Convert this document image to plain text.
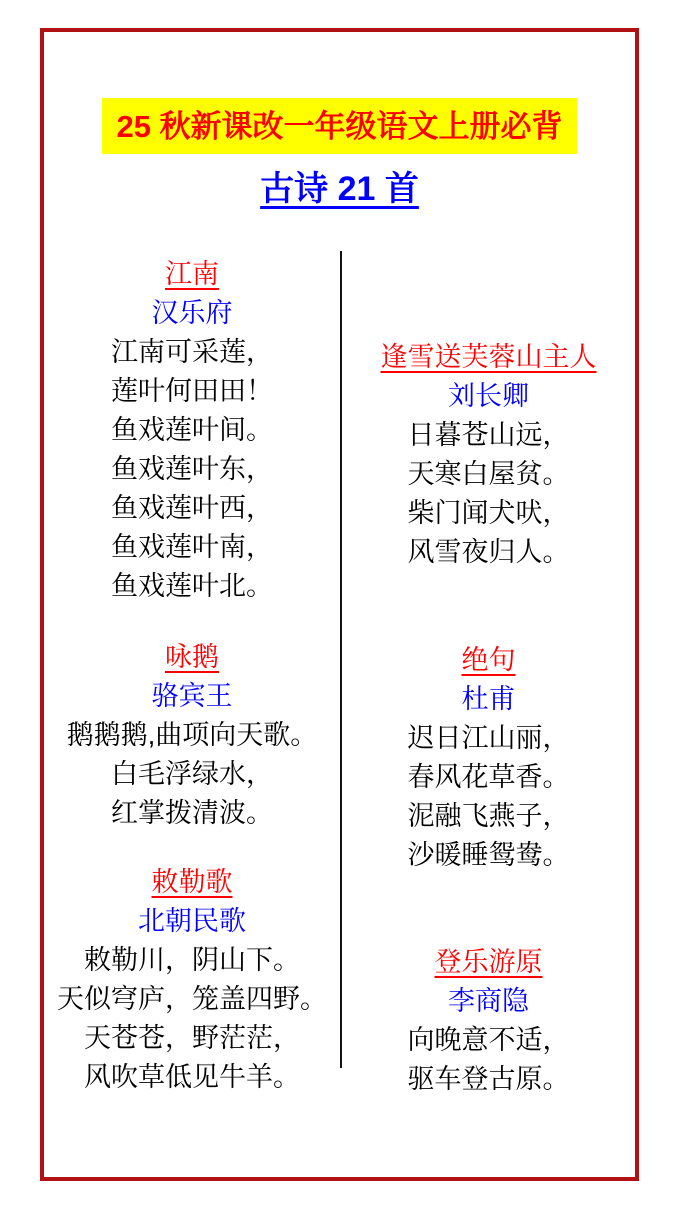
25 秋新课改一年级语文上册必背
古诗 21 首
江南
汉乐府
江南可采莲，
莲叶何田田！
鱼戏莲叶间。
鱼戏莲叶东，
鱼戏莲叶西，
鱼戏莲叶南，
鱼戏莲叶北。
咏鹅
骆宾王
鹅鹅鹅,曲项向天歌。
白毛浮绿水，
红掌拨清波。
敕勒歌
北朝民歌
敕勒川，阴山下。
天似穹庐，笼盖四野。
天苍苍，野茫茫，
风吹草低见牛羊。
逢雪送芙蓉山主人
刘长卿
日暮苍山远，
天寒白屋贫。
柴门闻犬吠，
风雪夜归人。
绝句
杜甫
迟日江山丽，
春风花草香。
泥融飞燕子，
沙暖睡鸳鸯。
登乐游原
李商隐
向晚意不适，
驱车登古原。
